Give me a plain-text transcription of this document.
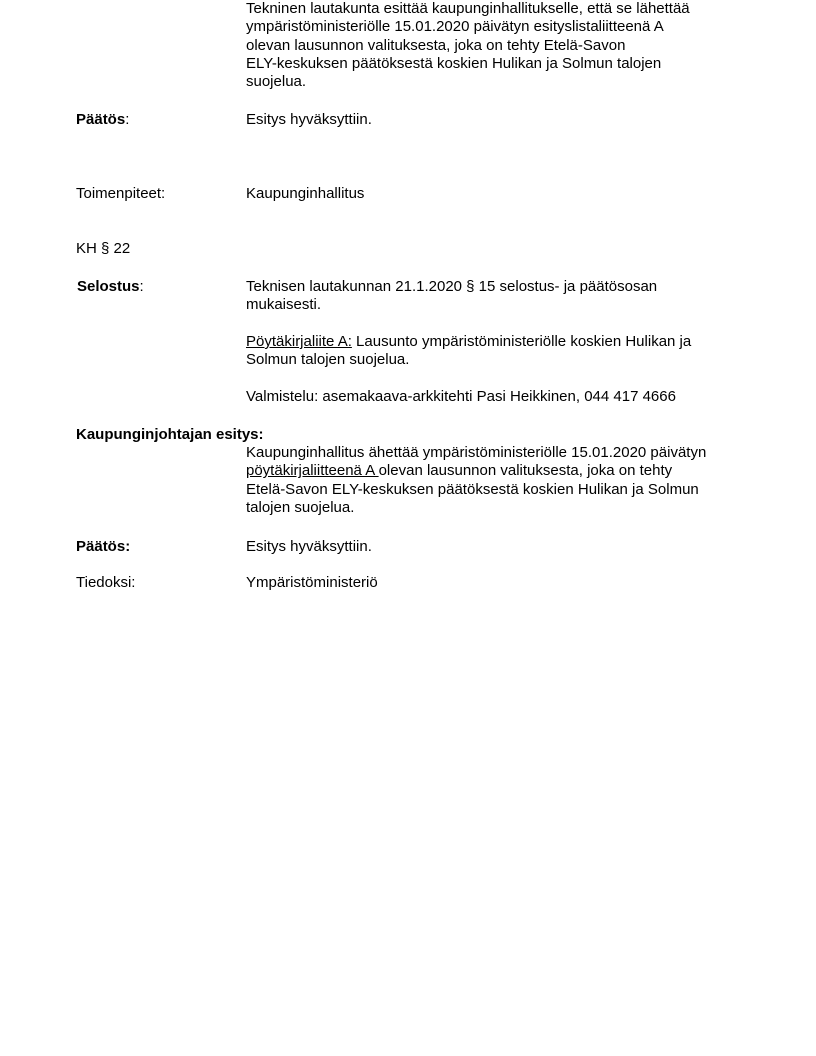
Tekninen lautakunta esittää kaupunginhallitukselle, että se lähettää
ympäristöministeriölle 15.01.2020 päivätyn esityslistaliitteenä A
olevan lausunnon valituksesta, joka on tehty Etelä-Savon
ELY-keskuksen päätöksestä koskien Hulikan ja Solmun talojen
suojelua.
Päätös:	Esitys hyväksyttiin.
Toimenpiteet:	Kaupunginhallitus
KH § 22
Selostus:	Teknisen lautakunnan 21.1.2020 § 15 selostus- ja päätösosan
mukaisesti.
Pöytäkirjaliite A: Lausunto ympäristöministeriölle koskien Hulikan ja
Solmun talojen suojelua.
Valmistelu: asemakaava-arkkitehti Pasi Heikkinen, 044 417 4666
Kaupunginjohtajan esitys:
Kaupunginhallitus ähettää ympäristöministeriölle 15.01.2020 päivätyn
pöytäkirjaliitteenä A olevan lausunnon valituksesta, joka on tehty
Etelä-Savon ELY-keskuksen päätöksestä koskien Hulikan ja Solmun
talojen suojelua.
Päätös:	Esitys hyväksyttiin.
Tiedoksi:	Ympäristöministeriö
